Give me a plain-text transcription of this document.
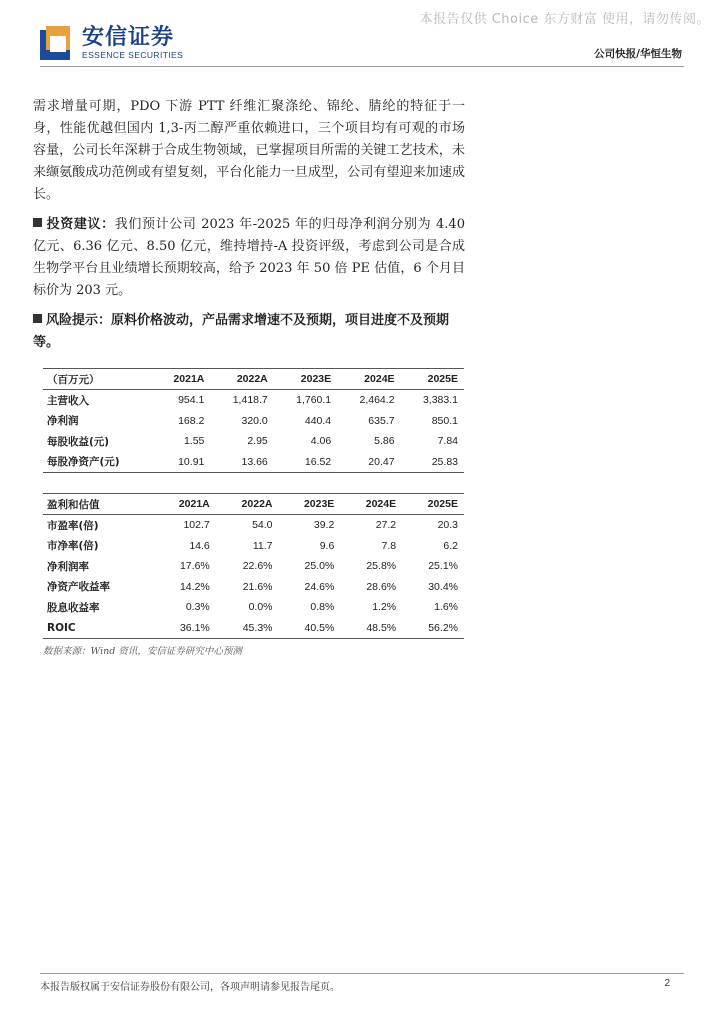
本报告仅供 Choice 东方财富 使用，请勿传阅。
安信证券
ESSENCE SECURITIES	公司快报/华恒生物

需求增量可期，PDO 下游 PTT 纤维汇聚涤纶、锦纶、腈纶的特征于一身，性能优越但国内 1,3-丙二醇严重依赖进口，三个项目均有可观的市场容量，公司长年深耕于合成生物领域，已掌握项目所需的关键工艺技术，未来缬氨酸成功范例或有望复刻，平台化能力一旦成型，公司有望迎来加速成长。

投资建议：我们预计公司 2023 年-2025 年的归母净利润分别为 4.40 亿元、6.36 亿元、8.50 亿元，维持增持-A 投资评级，考虑到公司是合成生物学平台且业绩增长预期较高，给予 2023 年 50 倍 PE 估值，6 个月目标价为 203 元。

风险提示：原料价格波动，产品需求增速不及预期，项目进度不及预期等。
（百万元）	2021A	2022A	2023E	2024E	2025E
主营收入	954.1	1,418.7	1,760.1	2,464.2	3,383.1
净利润	168.2	320.0	440.4	635.7	850.1
每股收益(元)	1.55	2.95	4.06	5.86	7.84
每股净资产(元)	10.91	13.66	16.52	20.47	25.83
盈利和估值	2021A	2022A	2023E	2024E	2025E
市盈率(倍)	102.7	54.0	39.2	27.2	20.3
市净率(倍)	14.6	11.7	9.6	7.8	6.2
净利润率	17.6%	22.6%	25.0%	25.8%	25.1%
净资产收益率	14.2%	21.6%	24.6%	28.6%	30.4%
股息收益率	0.3%	0.0%	0.8%	1.2%	1.6%
ROIC	36.1%	45.3%	40.5%	48.5%	56.2%
数据来源：Wind 资讯，安信证券研究中心预测
本报告版权属于安信证券股份有限公司，各项声明请参见报告尾页。	2
